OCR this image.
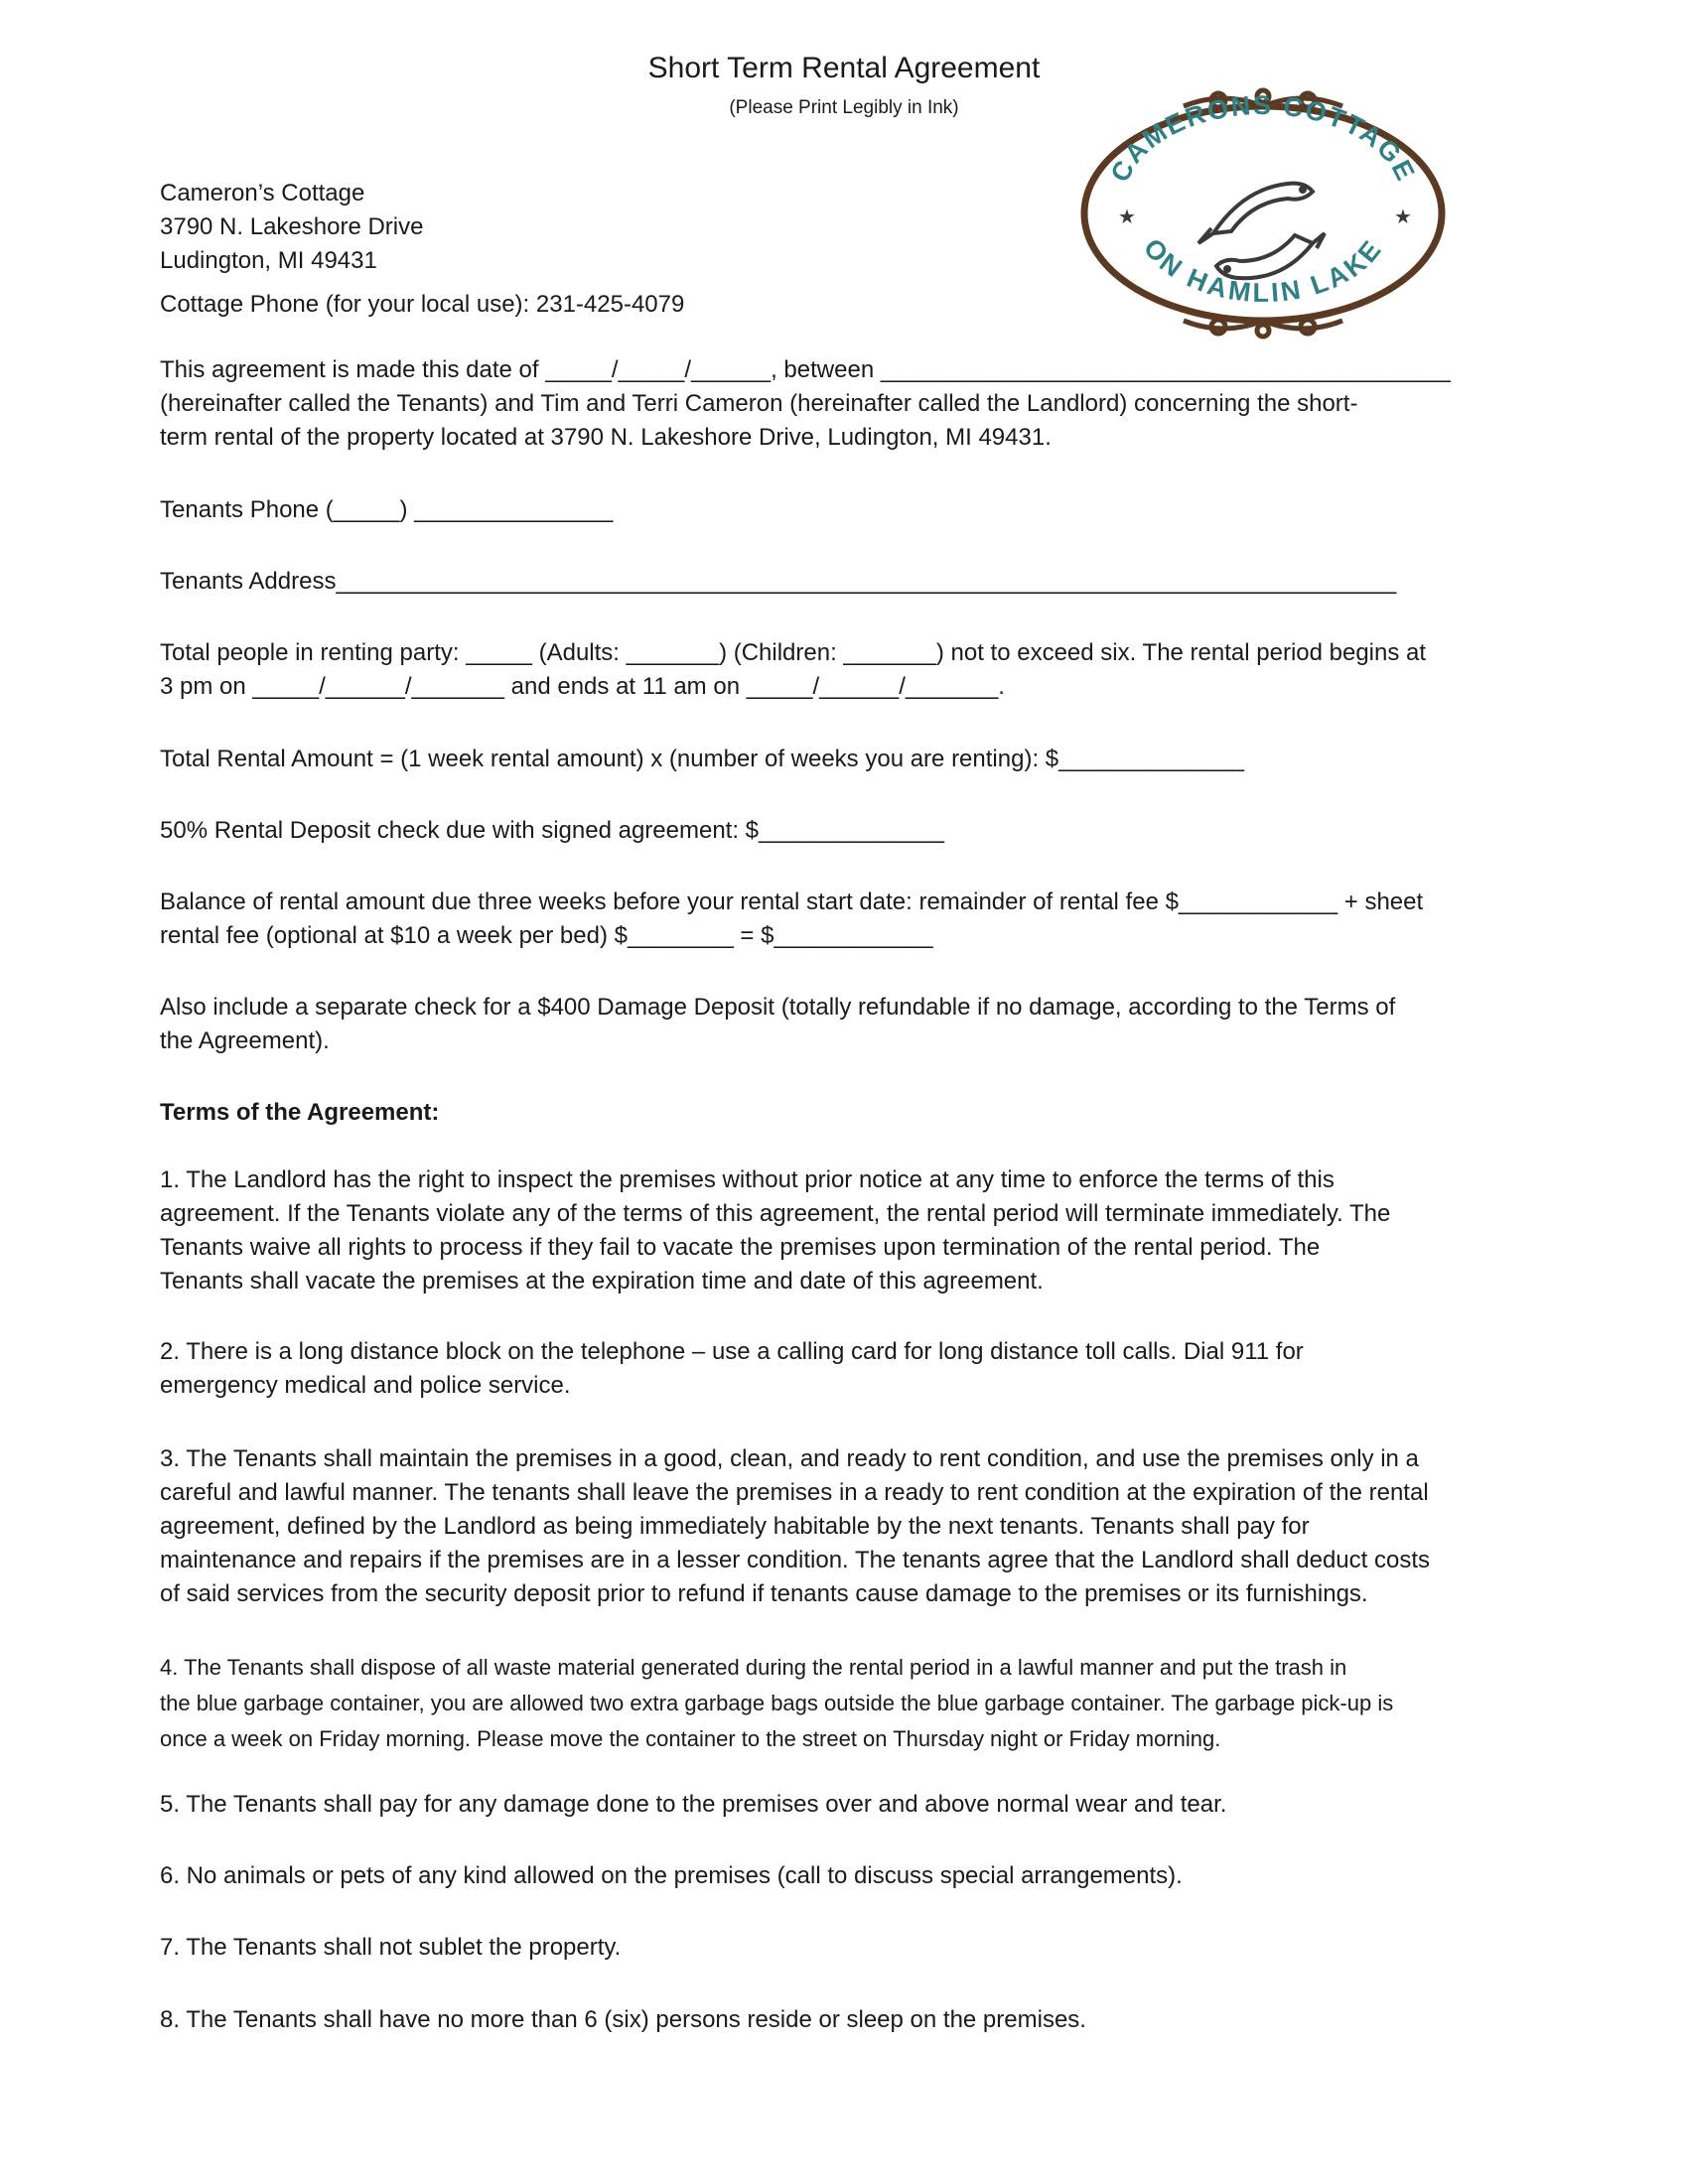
Short Term Rental Agreement
(Please Print Legibly in Ink)
CAMERONS COTTAGE
ON HAMLIN LAKE
★	★
Cameron’s Cottage
3790 N. Lakeshore Drive
Ludington, MI 49431
Cottage Phone (for your local use): 231-425-4079
This agreement is made this date of _____/_____/______, between ___________________________________________
(hereinafter called the Tenants) and Tim and Terri Cameron (hereinafter called the Landlord) concerning the short-
term rental of the property located at 3790 N. Lakeshore Drive, Ludington, MI 49431.
Tenants Phone (_____) _______________
Tenants Address________________________________________________________________________________
Total people in renting party: _____ (Adults: _______) (Children: _______) not to exceed six. The rental period begins at
3 pm on _____/______/_______ and ends at 11 am on _____/______/_______.
Total Rental Amount = (1 week rental amount) x (number of weeks you are renting): $______________
50% Rental Deposit check due with signed agreement: $______________
Balance of rental amount due three weeks before your rental start date: remainder of rental fee $____________ + sheet
rental fee (optional at $10 a week per bed) $________ = $____________
Also include a separate check for a $400 Damage Deposit (totally refundable if no damage, according to the Terms of
the Agreement).
Terms of the Agreement:
1. The Landlord has the right to inspect the premises without prior notice at any time to enforce the terms of this
agreement. If the Tenants violate any of the terms of this agreement, the rental period will terminate immediately. The
Tenants waive all rights to process if they fail to vacate the premises upon termination of the rental period. The
Tenants shall vacate the premises at the expiration time and date of this agreement.
2. There is a long distance block on the telephone – use a calling card for long distance toll calls. Dial 911 for
emergency medical and police service.
3. The Tenants shall maintain the premises in a good, clean, and ready to rent condition, and use the premises only in a
careful and lawful manner. The tenants shall leave the premises in a ready to rent condition at the expiration of the rental
agreement, defined by the Landlord as being immediately habitable by the next tenants. Tenants shall pay for
maintenance and repairs if the premises are in a lesser condition. The tenants agree that the Landlord shall deduct costs
of said services from the security deposit prior to refund if tenants cause damage to the premises or its furnishings.
4. The Tenants shall dispose of all waste material generated during the rental period in a lawful manner and put the trash in
the blue garbage container, you are allowed two extra garbage bags outside the blue garbage container. The garbage pick-up is
once a week on Friday morning. Please move the container to the street on Thursday night or Friday morning.
5. The Tenants shall pay for any damage done to the premises over and above normal wear and tear.
6. No animals or pets of any kind allowed on the premises (call to discuss special arrangements).
7. The Tenants shall not sublet the property.
8. The Tenants shall have no more than 6 (six) persons reside or sleep on the premises.
